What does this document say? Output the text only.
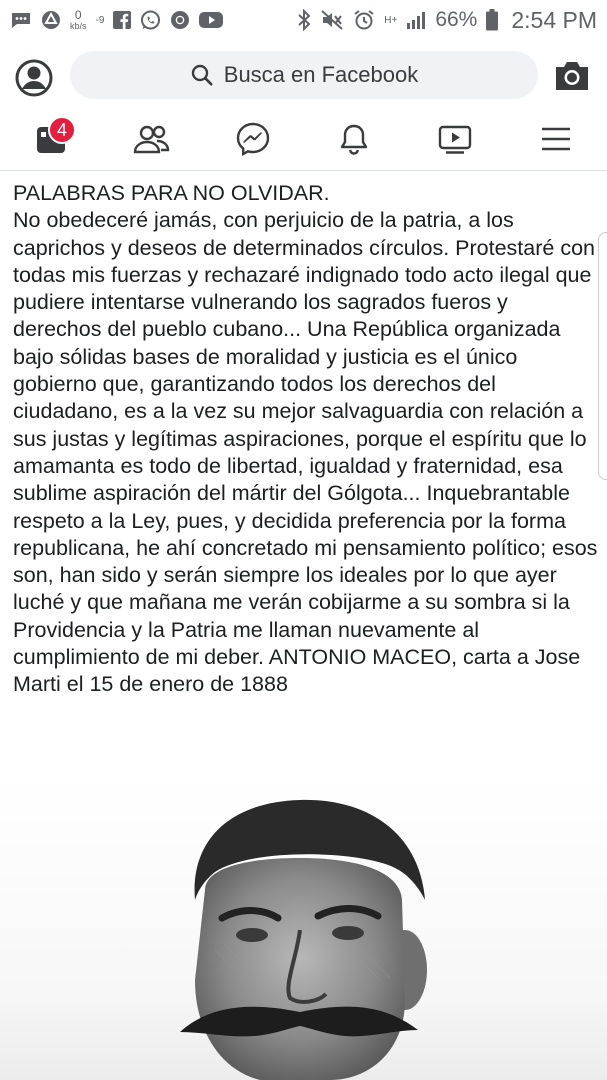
0
kb/s -9	H+ 66% 2:54 PM
Busca en Facebook
4
PALABRAS PARA NO OLVIDAR.
No obedeceré jamás, con perjuicio de la patria, a los caprichos y deseos de determinados círculos. Protestaré con todas mis fuerzas y rechazaré indignado todo acto ilegal que pudiere intentarse vulnerando los sagrados fueros y derechos del pueblo cubano... Una República organizada bajo sólidas bases de moralidad y justicia es el único gobierno que, garantizando todos los derechos del ciudadano, es a la vez su mejor salvaguardia con relación a sus justas y legítimas aspiraciones, porque el espíritu que lo amamanta es todo de libertad, igualdad y fraternidad, esa sublime aspiración del mártir del Gólgota... Inquebrantable respeto a la Ley, pues, y decidida preferencia por la forma republicana, he ahí concretado mi pensamiento político; esos son, han sido y serán siempre los ideales por lo que ayer luché y que mañana me verán cobijarme a su sombra si la Providencia y la Patria me llaman nuevamente al cumplimiento de mi deber. ANTONIO MACEO, carta a Jose Marti el 15 de enero de 1888
